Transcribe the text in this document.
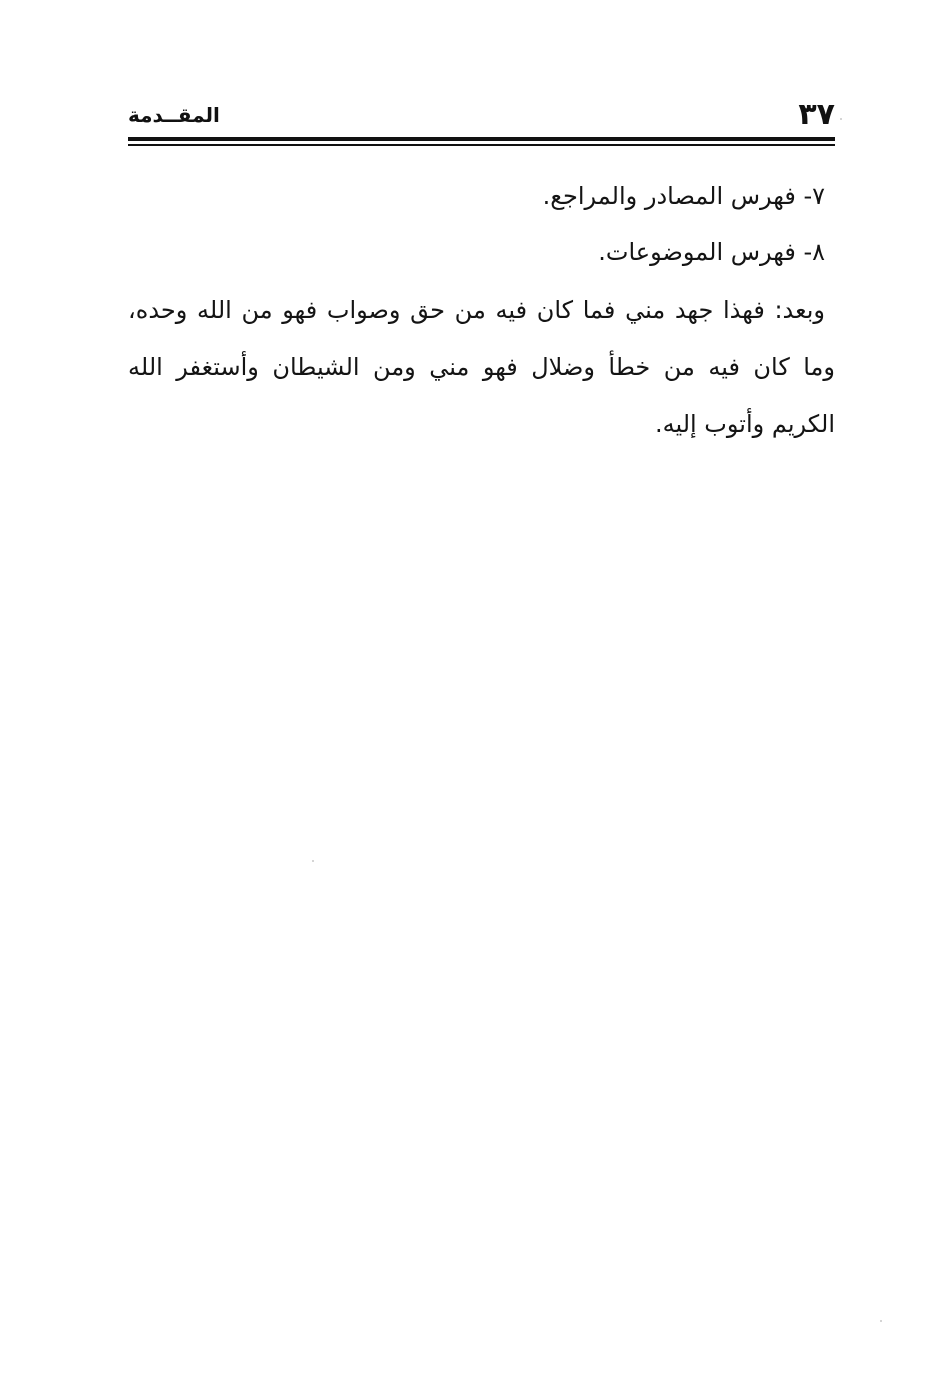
٣٧
المقــدمة

٧- فهرس المصادر والمراجع.

٨- فهرس الموضوعات.

وبعد: فهذا جهد مني فما كان فيه من حق وصواب فهو من الله وحده، وما كان فيه من خطأ وضلال فهو مني ومن الشيطان وأستغفر الله الكريم وأتوب إليه.
